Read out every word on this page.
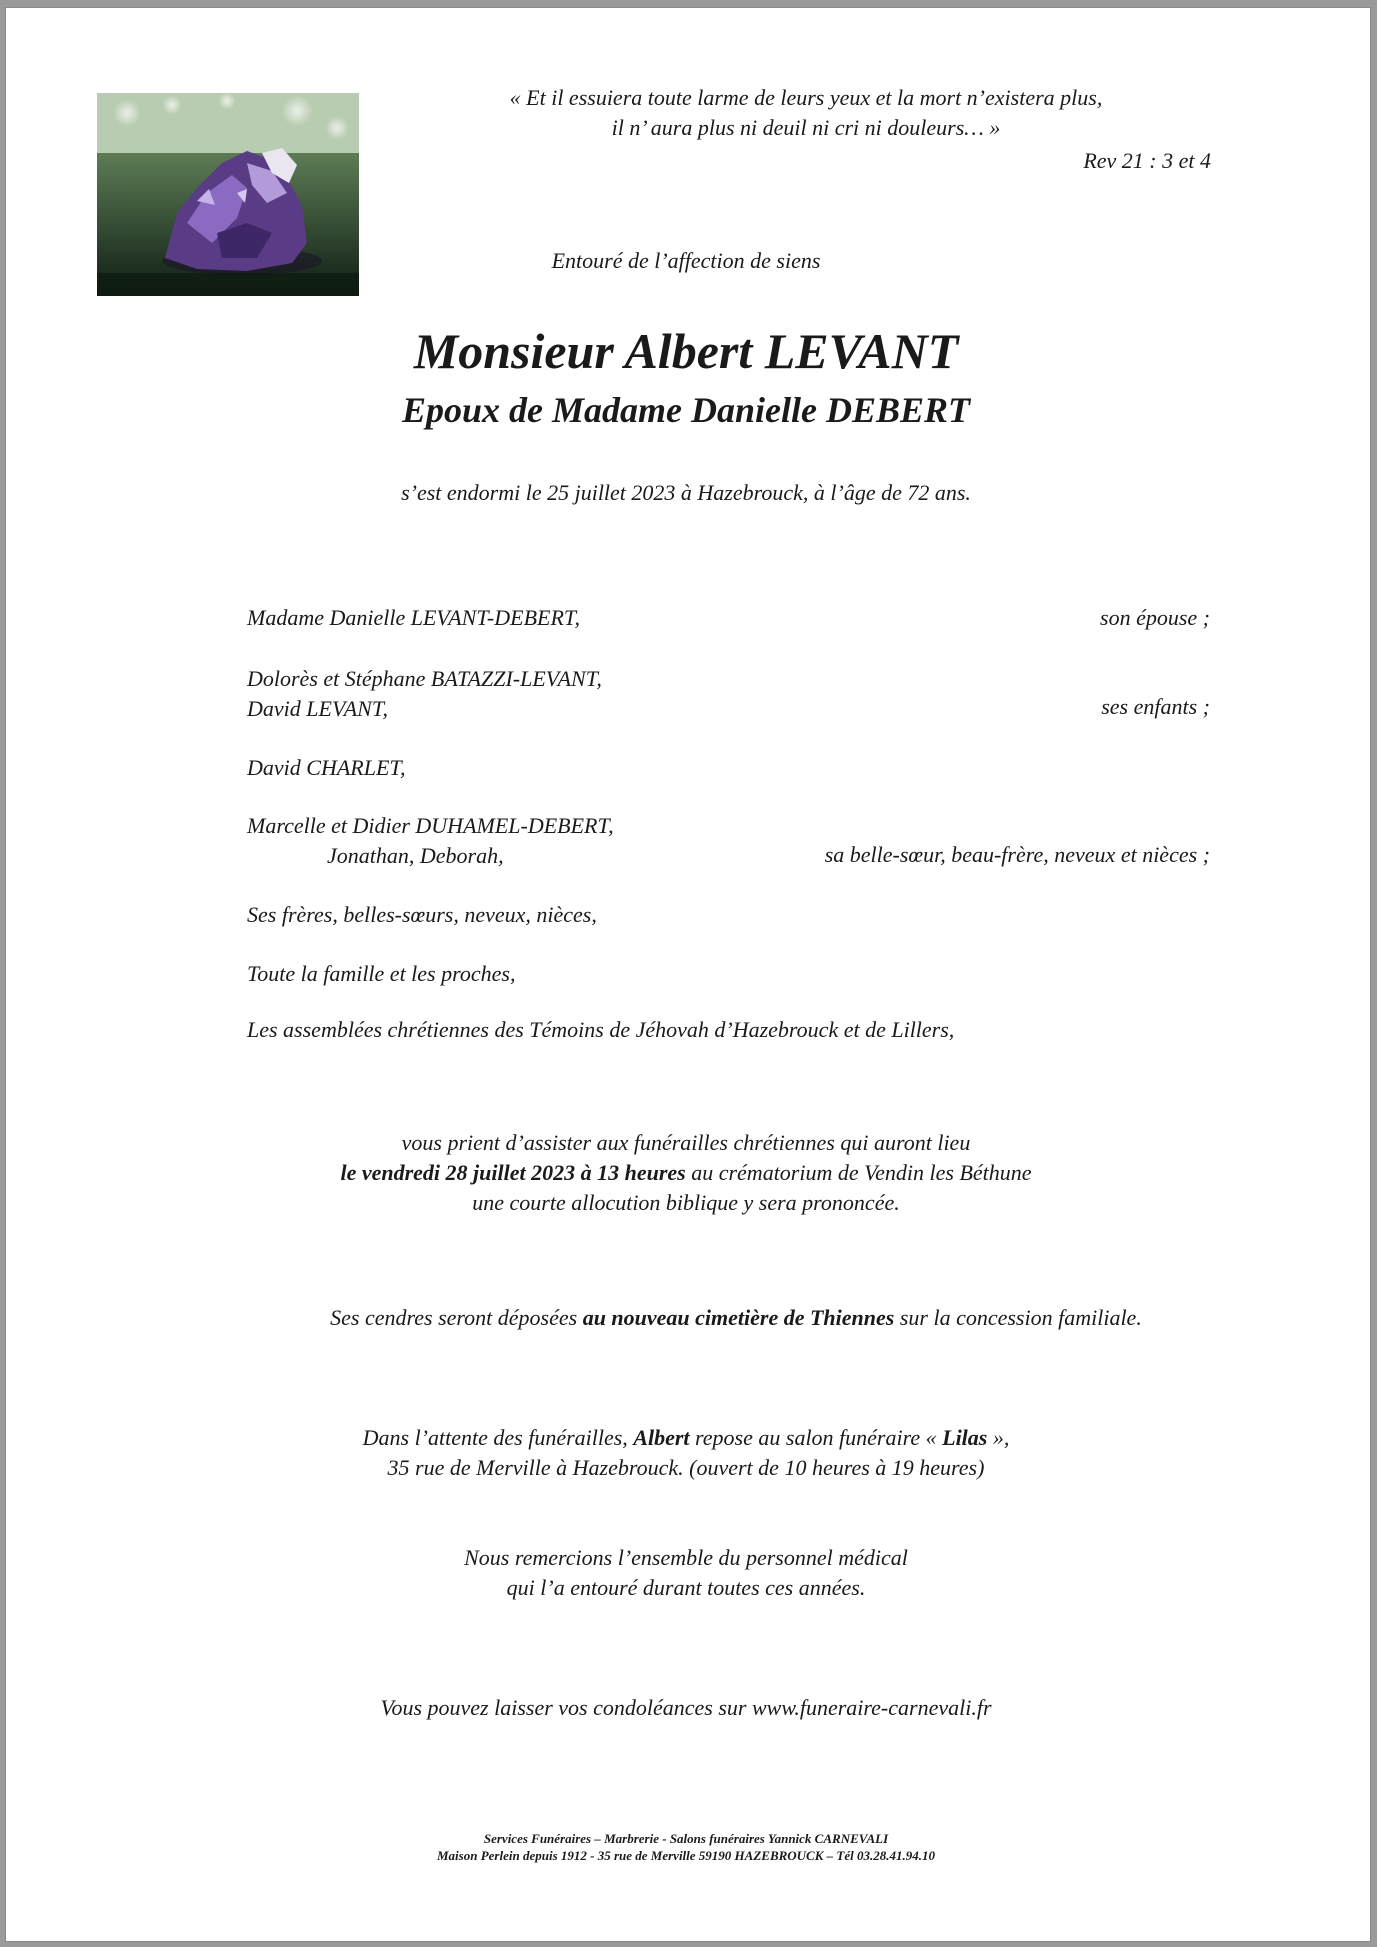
« Et il essuiera toute larme de leurs yeux et la mort n’existera plus,
il n’ aura plus ni deuil ni cri ni douleurs… »
Rev 21 : 3 et 4
Entouré de l’affection de siens
Monsieur Albert LEVANT
Epoux de Madame Danielle DEBERT
s’est endormi le 25 juillet 2023 à Hazebrouck, à l’âge de 72 ans.
Madame Danielle LEVANT-DEBERT,	son épouse ;
Dolorès et Stéphane BATAZZI-LEVANT,
David LEVANT,	ses enfants ;
David CHARLET,
Marcelle et Didier DUHAMEL-DEBERT,
Jonathan, Deborah,	sa belle-sœur, beau-frère, neveux et nièces ;
Ses frères, belles-sœurs, neveux, nièces,
Toute la famille et les proches,
Les assemblées chrétiennes des Témoins de Jéhovah d’Hazebrouck et de Lillers,
vous prient d’assister aux funérailles chrétiennes qui auront lieu
le vendredi 28 juillet 2023 à 13 heures au crématorium de Vendin les Béthune
une courte allocution biblique y sera prononcée.
Ses cendres seront déposées au nouveau cimetière de Thiennes sur la concession familiale.
Dans l’attente des funérailles, Albert repose au salon funéraire « Lilas »,
35 rue de Merville à Hazebrouck. (ouvert de 10 heures à 19 heures)
Nous remercions l’ensemble du personnel médical
qui l’a entouré durant toutes ces années.
Vous pouvez laisser vos condoléances sur www.funeraire-carnevali.fr
Services Funéraires – Marbrerie - Salons funéraires Yannick CARNEVALI
Maison Perlein depuis 1912 - 35 rue de Merville 59190 HAZEBROUCK – Tél 03.28.41.94.10
